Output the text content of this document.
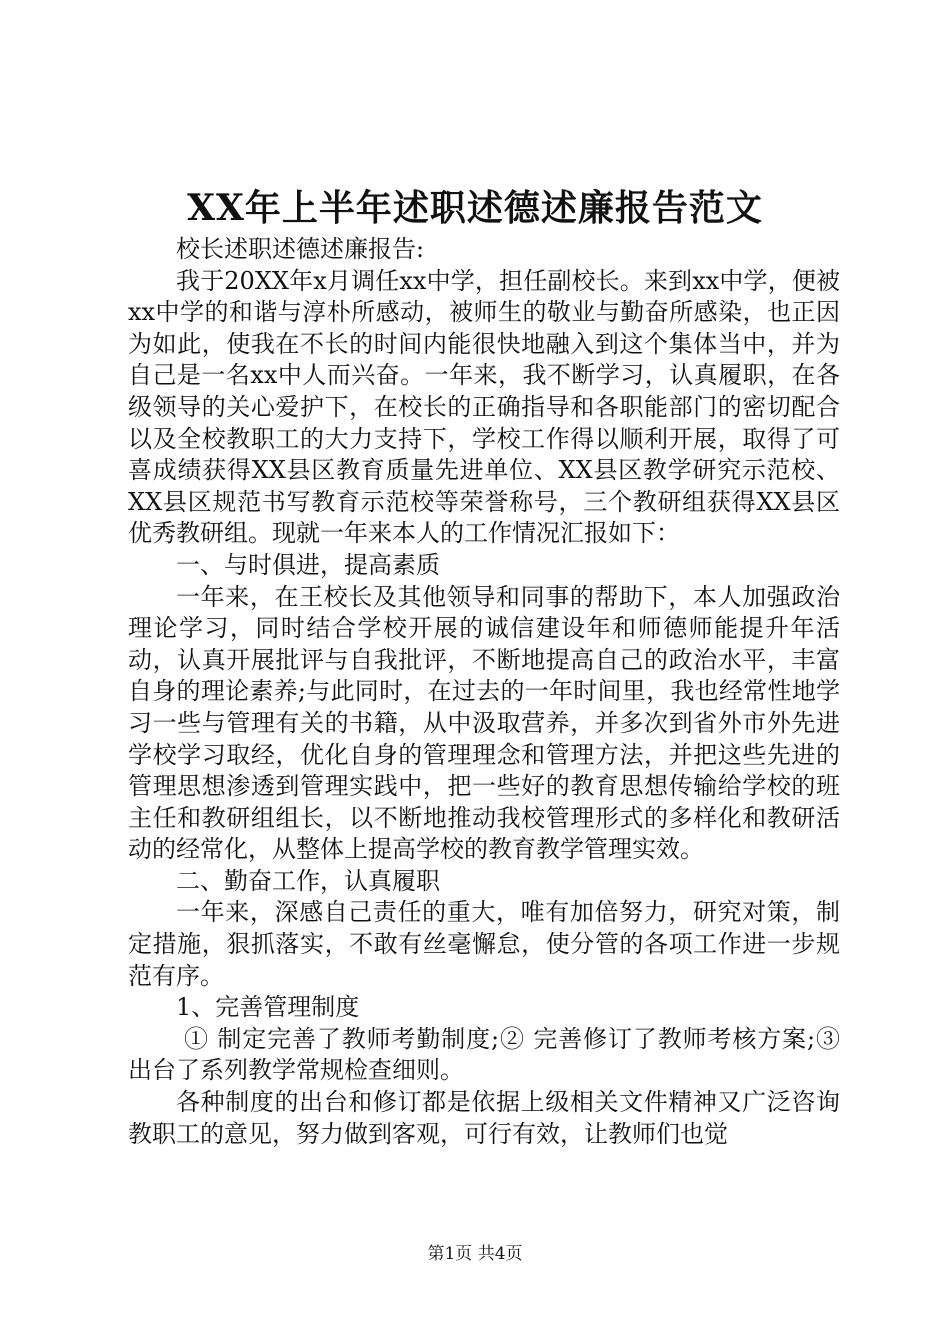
XX年上半年述职述德述廉报告范文

校长述职述德述廉报告:

我于20XX年x月调任xx中学，担任副校长。来到xx中学，便被xx中学的和谐与淳朴所感动，被师生的敬业与勤奋所感染，也正因为如此，使我在不长的时间内能很快地融入到这个集体当中，并为自己是一名xx中人而兴奋。一年来，我不断学习，认真履职，在各级领导的关心爱护下，在校长的正确指导和各职能部门的密切配合以及全校教职工的大力支持下，学校工作得以顺利开展，取得了可喜成绩获得XX县区教育质量先进单位、XX县区教学研究示范校、XX县区规范书写教育示范校等荣誉称号，三个教研组获得XX县区优秀教研组。现就一年来本人的工作情况汇报如下：

一、与时俱进，提高素质

一年来，在王校长及其他领导和同事的帮助下，本人加强政治理论学习，同时结合学校开展的诚信建设年和师德师能提升年活动，认真开展批评与自我批评，不断地提高自己的政治水平，丰富自身的理论素养;与此同时，在过去的一年时间里，我也经常性地学习一些与管理有关的书籍，从中汲取营养，并多次到省外市外先进学校学习取经，优化自身的管理理念和管理方法，并把这些先进的管理思想渗透到管理实践中，把一些好的教育思想传输给学校的班主任和教研组组长，以不断地推动我校管理形式的多样化和教研活动的经常化，从整体上提高学校的教育教学管理实效。

二、勤奋工作，认真履职

一年来，深感自己责任的重大，唯有加倍努力，研究对策，制定措施，狠抓落实，不敢有丝毫懈怠，使分管的各项工作进一步规范有序。

1、完善管理制度

① 制定完善了教师考勤制度;② 完善修订了教师考核方案;③ 出台了系列教学常规检查细则。

各种制度的出台和修订都是依据上级相关文件精神又广泛咨询教职工的意见，努力做到客观，可行有效，让教师们也觉

第1页 共4页
